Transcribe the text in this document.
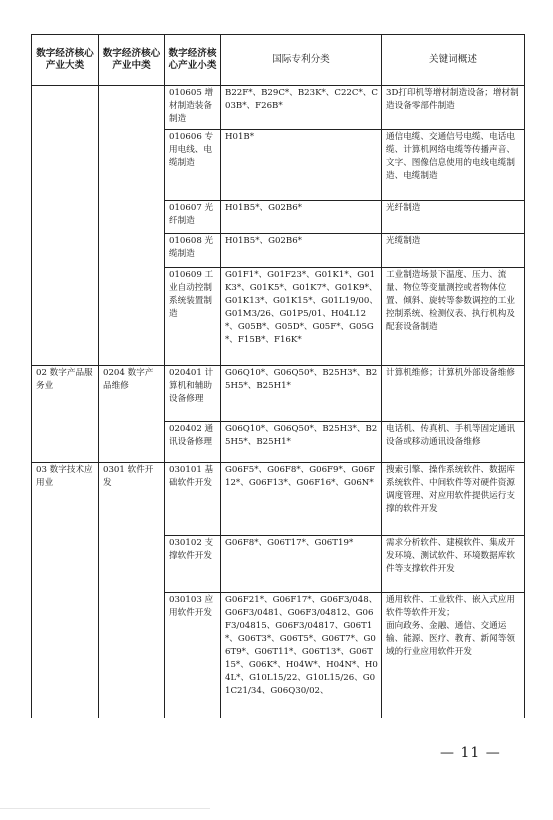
数字经济核心产业大类	数字经济核心产业中类	数字经济核心产业小类	国际专利分类	关键词概述
		010605 增材制造装备制造	B22F*、B29C*、B23K*、C22C*、C03B*、F26B*	3D打印机等增材制造设备；增材制造设备零部件制造
		010606 专用电线、电缆制造	H01B*	通信电缆、交通信号电缆、电话电缆、计算机网络电缆等传播声音、文字、图像信息使用的电线电缆制造、电缆制造
		010607 光纤制造	H01B5*、G02B6*	光纤制造
		010608 光缆制造	H01B5*、G02B6*	光缆制造
		010609 工业自动控制系统装置制造	G01F1*、G01F23*、G01K1*、G01K3*、G01K5*、G01K7*、G01K9*、G01K13*、G01K15*、G01L19/00、G01M3/26、G01P5/01、H04L12*、G05B*、G05D*、G05F*、G05G*、F15B*、F16K*	工业制造场景下温度、压力、流量、物位等变量测控或者物体位置、倾斜、旋转等参数调控的工业控制系统、检测仪表、执行机构及配套设备制造
02 数字产品服务业	0204 数字产品维修	020401 计算机和辅助设备修理	G06Q10*、G06Q50*、B25H3*、B25H5*、B25H1*	计算机维修；计算机外部设备维修
		020402 通讯设备修理	G06Q10*、G06Q50*、B25H3*、B25H5*、B25H1*	电话机、传真机、手机等固定通讯设备或移动通讯设备维修
03 数字技术应用业	0301 软件开发	030101 基础软件开发	G06F5*、G06F8*、G06F9*、G06F12*、G06F13*、G06F16*、G06N*	搜索引擎、操作系统软件、数据库系统软件、中间软件等对硬件资源调度管理、对应用软件提供运行支撑的软件开发
		030102 支撑软件开发	G06F8*、G06T17*、G06T19*	需求分析软件、建模软件、集成开发环境、测试软件、环境数据库软件等支撑软件开发
		030103 应用软件开发	G06F21*、G06F17*、G06F3/048、G06F3/0481、G06F3/04812、G06F3/04815、G06F3/04817、G06T1*、G06T3*、G06T5*、G06T7*、G06T9*、G06T11*、G06T13*、G06T15*、G06K*、H04W*、H04N*、H04L*、G10L15/22、G10L15/26、G01C21/34、G06Q30/02、	通用软件、工业软件、嵌入式应用软件等软件开发；
面向政务、金融、通信、交通运输、能源、医疗、教育、新闻等领域的行业应用软件开发
— 11 —
